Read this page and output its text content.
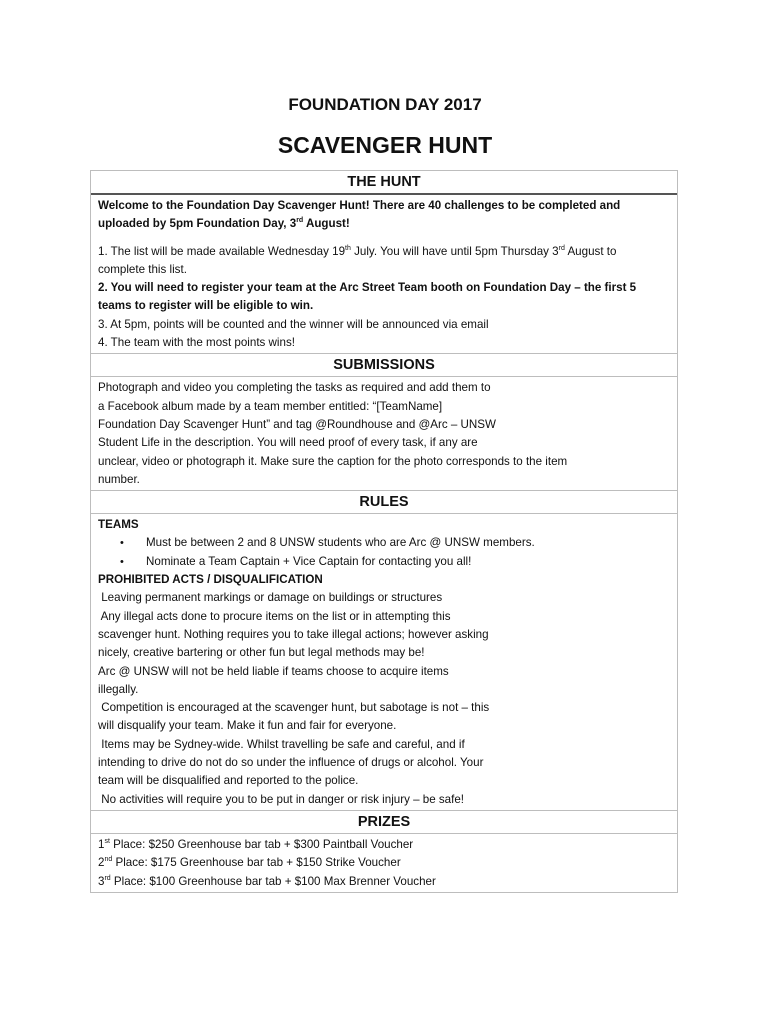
FOUNDATION DAY 2017
SCAVENGER HUNT
THE HUNT
Welcome to the Foundation Day Scavenger Hunt! There are 40 challenges to be completed and
uploaded by 5pm Foundation Day, 3rd August!
1. The list will be made available Wednesday 19th July. You will have until 5pm Thursday 3rd August to
complete this list.
2. You will need to register your team at the Arc Street Team booth on Foundation Day – the first 5
teams to register will be eligible to win.
3. At 5pm, points will be counted and the winner will be announced via email
4. The team with the most points wins!
SUBMISSIONS
Photograph and video you completing the tasks as required and add them to
a Facebook album made by a team member entitled: “[TeamName]
Foundation Day Scavenger Hunt” and tag @Roundhouse and @Arc – UNSW
Student Life in the description. You will need proof of every task, if any are
unclear, video or photograph it. Make sure the caption for the photo corresponds to the item
number.
RULES
TEAMS
• Must be between 2 and 8 UNSW students who are Arc @ UNSW members.
• Nominate a Team Captain + Vice Captain for contacting you all!
PROHIBITED ACTS / DISQUALIFICATION
Leaving permanent markings or damage on buildings or structures
Any illegal acts done to procure items on the list or in attempting this
scavenger hunt. Nothing requires you to take illegal actions; however asking
nicely, creative bartering or other fun but legal methods may be!
Arc @ UNSW will not be held liable if teams choose to acquire items
illegally.
Competition is encouraged at the scavenger hunt, but sabotage is not – this
will disqualify your team. Make it fun and fair for everyone.
Items may be Sydney-wide. Whilst travelling be safe and careful, and if
intending to drive do not do so under the influence of drugs or alcohol. Your
team will be disqualified and reported to the police.
No activities will require you to be put in danger or risk injury – be safe!
PRIZES
1st Place: $250 Greenhouse bar tab + $300 Paintball Voucher
2nd Place: $175 Greenhouse bar tab + $150 Strike Voucher
3rd Place: $100 Greenhouse bar tab + $100 Max Brenner Voucher
